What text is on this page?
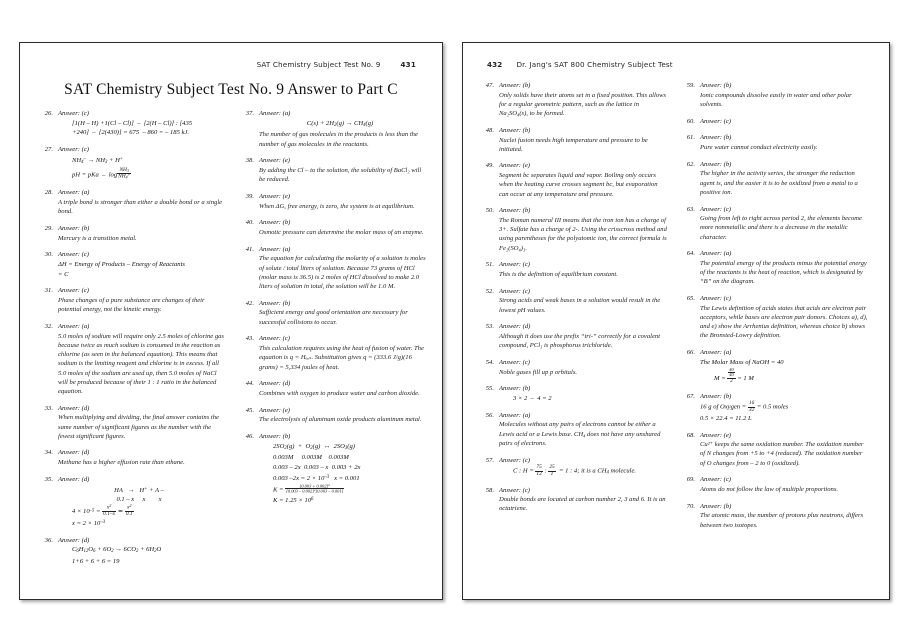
SAT Chemistry Subject Test No. 9	431
SAT Chemistry Subject Test No. 9 Answer to Part C
26. Answer: (c)
[1(H – H) +1(Cl – Cl)]  –  [2(H – Cl)] : [435
+240]  –  [2(430)] = 675  – 860 = – 185 kJ.
27. Answer: (c)
$NH_4^- \to NH_3 + H^+$
pH = pKa  –  $\log \frac{NH_3}{NH_4^+}$
28. Answer: (a)
A triple bond is stronger than either a double bond or a single bond.
29. Answer: (b)
Mercury is a transition metal.
30. Answer: (c)
ΔH = Energy of Products – Energy of Reactants
= C
31. Answer: (c)
Phase changes of a pure substance are changes of their potential energy, not the kinetic energy.
32. Answer: (a)
5.0 moles of sodium will require only 2.5 moles of chlorine gas because twice as much sodium is consumed in the reaction as chlorine (as seen in the balanced equation). This means that sodium is the limiting reagent and chlorine is in excess. If all 5.0 moles of the sodium are used up, then 5.0 moles of NaCl will be produced because of their 1 : 1 ratio in the balanced equation.
33. Answer: (d)
When multiplying and dividing, the final answer contains the same number of significant figures as the number with the fewest significant figures.
34. Answer: (d)
Methane has a higher effusion rate than ethane.
35. Answer: (d)
HA   →   H+ + A –
0.1 – x x x
$4 \times 10^{-5} = \frac{x^2}{0.1-x}$ ≃ $\frac{x^2}{0.1}$
$x = 2 \times 10^{-3}$
36. Answer: (d)
$C_6H_{12}O_6 + 6O_2 \to 6CO_2 + 6H_2O$
1+6 + 6 + 6 = 19
37. Answer: (a)
$C(s) + 2H_2(g) \to CH_4(g)$
The number of gas molecules in the products is less than the number of gas molecules in the reactants.
38. Answer: (e)
By adding the Cl – to the solution, the solubility of BaCl₂ will be reduced.
39. Answer: (e)
When ΔG, free energy, is zero, the system is at equilibrium.
40. Answer: (b)
Osmotic pressure can determine the molar mass of an enzyme.
41. Answer: (a)
The equation for calculating the molarity of a solution is moles of solute / total liters of solution. Because 73 grams of HCl (molar mass is 36.5) is 2 moles of HCl dissolved to make 2.0 liters of solution in total, the solution will be 1.0 M.
42. Answer: (b)
Sufficient energy and good orientation are necessary for successful collisions to occur.
43. Answer: (c)
This calculation requires using the heat of fusion of water. The equation is q = Hₑᵤₛ. Substitution gives q = (333.6 J/g)(16 grams) = 5,334 joules of heat.
44. Answer: (d)
Combines with oxygen to produce water and carbon dioxide.
45. Answer: (e)
The electrolysis of aluminum oxide products aluminum metal.
46. Answer: (b)
$2SO_2(g) + O_2(g)$  ↔  $2SO_3(g)$
0.003M     0.003M    0.003M
0.003 – 2x  0.003 – x  0.003 + 2x
0.003 $-2x = 2 \times 10^{-3}$ x = 0.001
$K = \frac{[0.003 + 0.002]^2}{[0.003 - 0.002]^2[0.003 - 0.001]}$
$K = 1.25 \times 10^6$
432 Dr. Jang's SAT 800 Chemistry Subject Test
47. Answer: (b)
Only solids have their atoms set in a fixed position. This allows for a regular geometric pattern, such as the lattice in Na₂SO₄(s), to be formed.
48. Answer: (b)
Nuclei fusion needs high temperature and pressure to be initiated.
49. Answer: (e)
Segment bc separates liquid and vapor. Boiling only occurs when the heating curve crosses segment bc, but evaporation can occur at any temperature and pressure.
50. Answer: (b)
The Roman numeral III means that the iron ion has a charge of 3+. Sulfate has a charge of 2-. Using the crisscross method and using parentheses for the polyatomic ion, the correct formula is Fe₂(SO₄)₃.
51. Answer: (c)
This is the definition of equilibrium constant.
52. Answer: (c)
Strong acids and weak bases in a solution would result in the lowest pH values.
53. Answer: (d)
Although it does use the prefix “tri-” correctly for a covalent compound, PCl₃ is phosphorus trichloride.
54. Answer: (c)
Noble gases fill up p orbitals.
55. Answer: (b)
3 × 2  –  4 = 2
56. Answer: (a)
Molecules without any pairs of electrons cannot be either a Lewis acid or a Lewis base. CH₄ does not have any unshared pairs of electrons.
57. Answer: (c)
C : $H = \frac{75}{12}$ : $\frac{25}{1} = 1$ : 4; it is a $CH_4$ molecule.
58. Answer: (c)
Double bonds are located at carbon number 2, 3 and 6. It is an octatriene.
59. Answer: (b)
Ionic compounds dissolve easily in water and other polar solvents.
60. Answer: (c)
61. Answer: (b)
Pure water cannot conduct electricity easily.
62. Answer: (b)
The higher in the activity series, the stronger the reduction agent is, and the easier it is to be oxidized from a metal to a positive ion.
63. Answer: (c)
Going from left to right across period 2, the elements become more nonmetallic and there is a decrease in the metallic character.
64. Answer: (a)
The potential energy of the products minus the potential energy of the reactants is the heat of reaction, which is designated by “B” on the diagram.
65. Answer: (c)
The Lewis definition of acids states that acids are electron pair acceptors, while bases are electron pair donors. Choices a), d), and e) show the Arrhenius definition, whereas choice b) shows the Bronsted-Lowry definition.
66. Answer: (a)
The Molar Mass of NaOH = 40
$M = \frac{\frac{40}{40}}{2} = 1$ M
67. Answer: (b)
16 g of Oxygen = $\frac{16}{32} = 0.5$ moles
0.5 × 22.4 = 11.2 L
68. Answer: (e)
Cu²⁺ keeps the same oxidation number. The oxidation number of N changes from +5 to +4 (reduced). The oxidation number of O changes from – 2 to 0 (oxidized).
69. Answer: (c)
Atoms do not follow the law of multiple proportions.
70. Answer: (b)
The atomic mass, the number of protons plus neutrons, differs between two isotopes.
